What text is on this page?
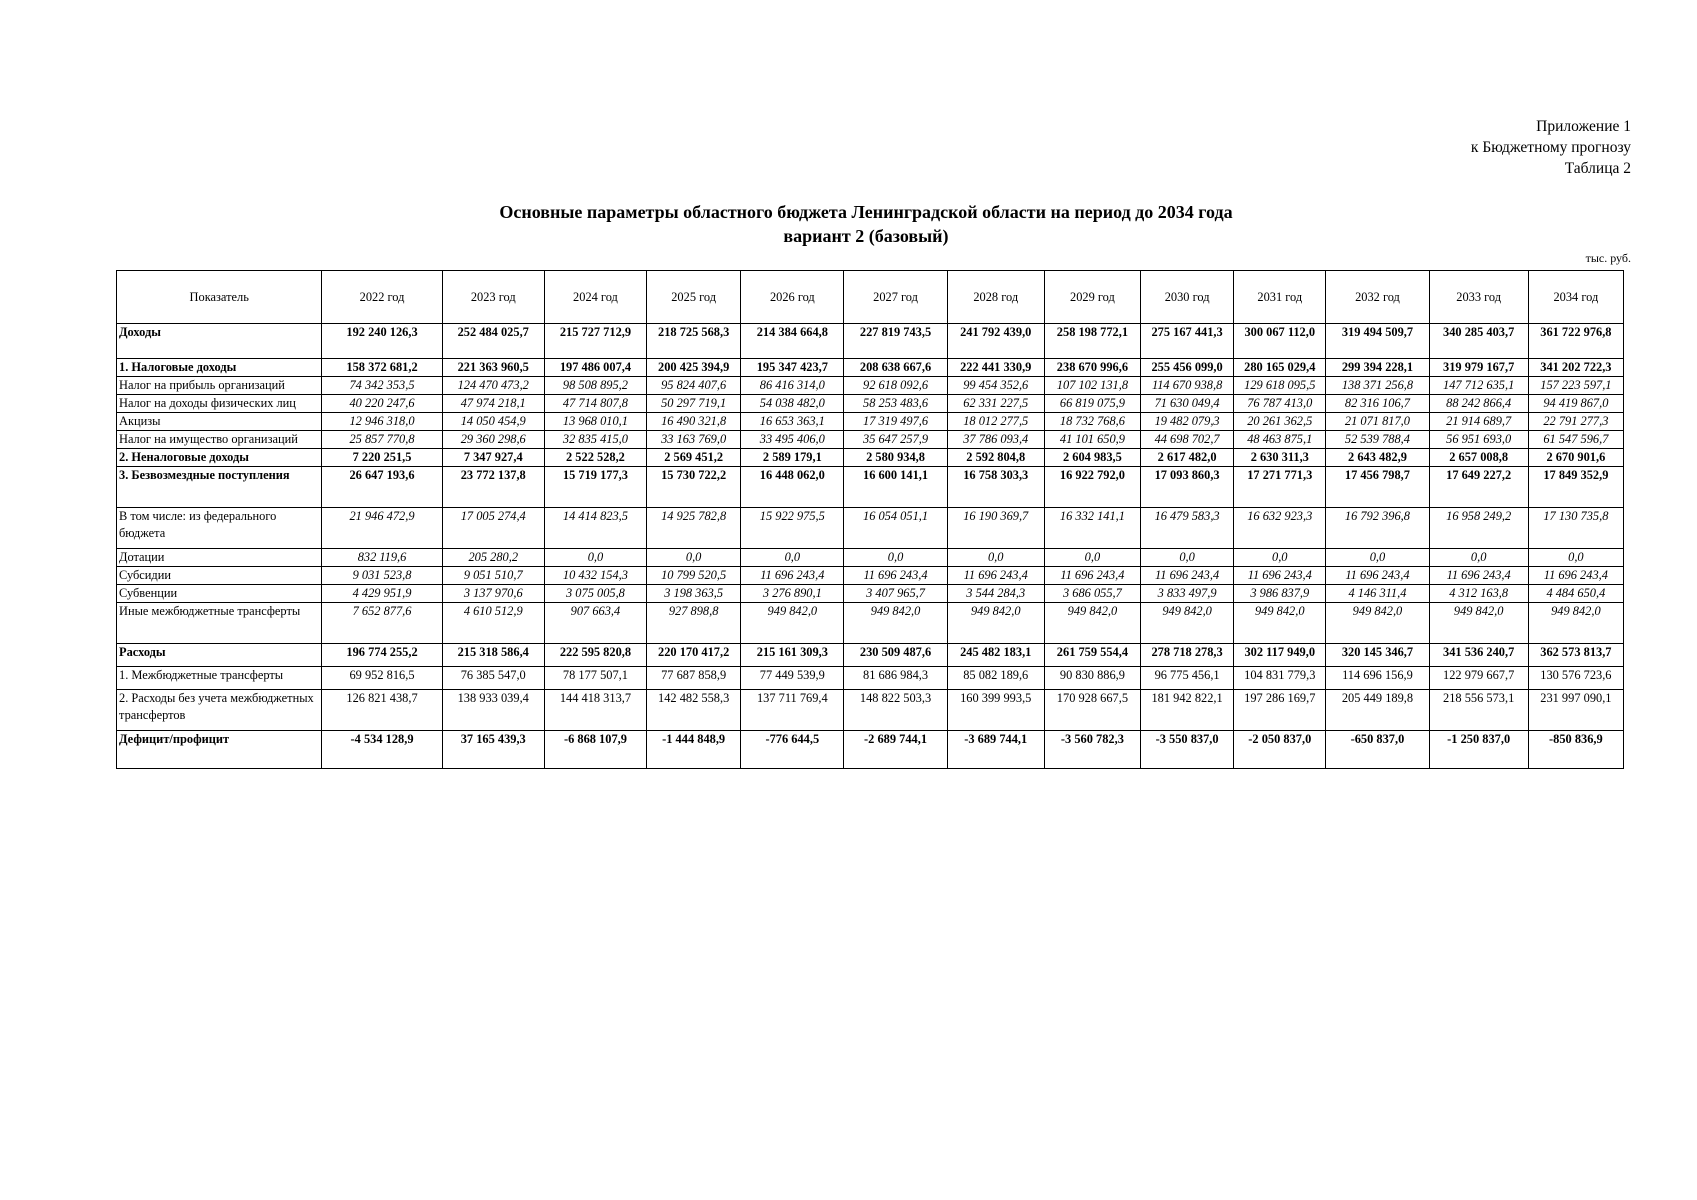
Приложение 1
к Бюджетному прогнозу
Таблица 2
Основные параметры областного бюджета Ленинградской области на период до 2034 года
вариант 2 (базовый)
тыс. руб.
Показатель	2022 год	2023 год	2024 год	2025 год	2026 год	2027 год	2028 год	2029 год	2030 год	2031 год	2032 год	2033 год	2034 год
Доходы	192 240 126,3	252 484 025,7	215 727 712,9	218 725 568,3	214 384 664,8	227 819 743,5	241 792 439,0	258 198 772,1	275 167 441,3	300 067 112,0	319 494 509,7	340 285 403,7	361 722 976,8
1. Налоговые доходы	158 372 681,2	221 363 960,5	197 486 007,4	200 425 394,9	195 347 423,7	208 638 667,6	222 441 330,9	238 670 996,6	255 456 099,0	280 165 029,4	299 394 228,1	319 979 167,7	341 202 722,3
Налог на прибыль организаций	74 342 353,5	124 470 473,2	98 508 895,2	95 824 407,6	86 416 314,0	92 618 092,6	99 454 352,6	107 102 131,8	114 670 938,8	129 618 095,5	138 371 256,8	147 712 635,1	157 223 597,1
Налог на доходы физических лиц	40 220 247,6	47 974 218,1	47 714 807,8	50 297 719,1	54 038 482,0	58 253 483,6	62 331 227,5	66 819 075,9	71 630 049,4	76 787 413,0	82 316 106,7	88 242 866,4	94 419 867,0
Акцизы	12 946 318,0	14 050 454,9	13 968 010,1	16 490 321,8	16 653 363,1	17 319 497,6	18 012 277,5	18 732 768,6	19 482 079,3	20 261 362,5	21 071 817,0	21 914 689,7	22 791 277,3
Налог на имущество организаций	25 857 770,8	29 360 298,6	32 835 415,0	33 163 769,0	33 495 406,0	35 647 257,9	37 786 093,4	41 101 650,9	44 698 702,7	48 463 875,1	52 539 788,4	56 951 693,0	61 547 596,7
2. Неналоговые доходы	7 220 251,5	7 347 927,4	2 522 528,2	2 569 451,2	2 589 179,1	2 580 934,8	2 592 804,8	2 604 983,5	2 617 482,0	2 630 311,3	2 643 482,9	2 657 008,8	2 670 901,6
3. Безвозмездные поступления	26 647 193,6	23 772 137,8	15 719 177,3	15 730 722,2	16 448 062,0	16 600 141,1	16 758 303,3	16 922 792,0	17 093 860,3	17 271 771,3	17 456 798,7	17 649 227,2	17 849 352,9
В том числе: из федерального бюджета	21 946 472,9	17 005 274,4	14 414 823,5	14 925 782,8	15 922 975,5	16 054 051,1	16 190 369,7	16 332 141,1	16 479 583,3	16 632 923,3	16 792 396,8	16 958 249,2	17 130 735,8
Дотации	832 119,6	205 280,2	0,0	0,0	0,0	0,0	0,0	0,0	0,0	0,0	0,0	0,0	0,0
Субсидии	9 031 523,8	9 051 510,7	10 432 154,3	10 799 520,5	11 696 243,4	11 696 243,4	11 696 243,4	11 696 243,4	11 696 243,4	11 696 243,4	11 696 243,4	11 696 243,4	11 696 243,4
Субвенции	4 429 951,9	3 137 970,6	3 075 005,8	3 198 363,5	3 276 890,1	3 407 965,7	3 544 284,3	3 686 055,7	3 833 497,9	3 986 837,9	4 146 311,4	4 312 163,8	4 484 650,4
Иные межбюджетные трансферты	7 652 877,6	4 610 512,9	907 663,4	927 898,8	949 842,0	949 842,0	949 842,0	949 842,0	949 842,0	949 842,0	949 842,0	949 842,0	949 842,0
Расходы	196 774 255,2	215 318 586,4	222 595 820,8	220 170 417,2	215 161 309,3	230 509 487,6	245 482 183,1	261 759 554,4	278 718 278,3	302 117 949,0	320 145 346,7	341 536 240,7	362 573 813,7
1. Межбюджетные трансферты	69 952 816,5	76 385 547,0	78 177 507,1	77 687 858,9	77 449 539,9	81 686 984,3	85 082 189,6	90 830 886,9	96 775 456,1	104 831 779,3	114 696 156,9	122 979 667,7	130 576 723,6
2. Расходы без учета межбюджетных трансфертов	126 821 438,7	138 933 039,4	144 418 313,7	142 482 558,3	137 711 769,4	148 822 503,3	160 399 993,5	170 928 667,5	181 942 822,1	197 286 169,7	205 449 189,8	218 556 573,1	231 997 090,1
Дефицит/профицит	-4 534 128,9	37 165 439,3	-6 868 107,9	-1 444 848,9	-776 644,5	-2 689 744,1	-3 689 744,1	-3 560 782,3	-3 550 837,0	-2 050 837,0	-650 837,0	-1 250 837,0	-850 836,9
